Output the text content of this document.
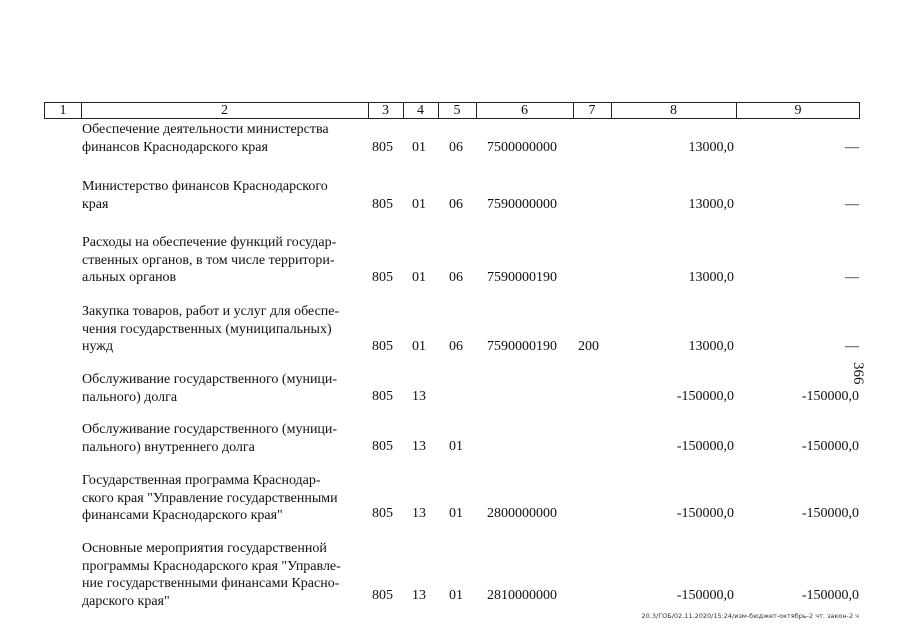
1	2	3	4	5	6	7	8	9
Обеспечение деятельности министерства
финансов Краснодарского края	805 01 06 7500000000	13000,0	—
Министерство финансов Краснодарского
края	805 01 06 7590000000	13000,0	—
Расходы на обеспечение функций государ-
ственных органов, в том числе территори-
альных органов	805 01 06 7590000190	13000,0	—
Закупка товаров, работ и услуг для обеспе-
чения государственных (муниципальных)
нужд	805 01 06 7590000190 200	13000,0	—
Обслуживание государственного (муници-
пального) долга	805 13	-150000,0	-150000,0
Обслуживание государственного (муници-
пального) внутреннего долга	805 13 01	-150000,0	-150000,0
Государственная программа Краснодар-
ского края "Управление государственными
финансами Краснодарского края"	805 13 01 2800000000	-150000,0	-150000,0
Основные мероприятия государственной
программы Краснодарского края "Управле-
ние государственными финансами Красно-
дарского края"	805 13 01 2810000000	-150000,0	-150000,0
366
20.3/ГОБ/02.11.2020/15:24/изм-бюджет-октябрь-2 чт. закон-2 ч
